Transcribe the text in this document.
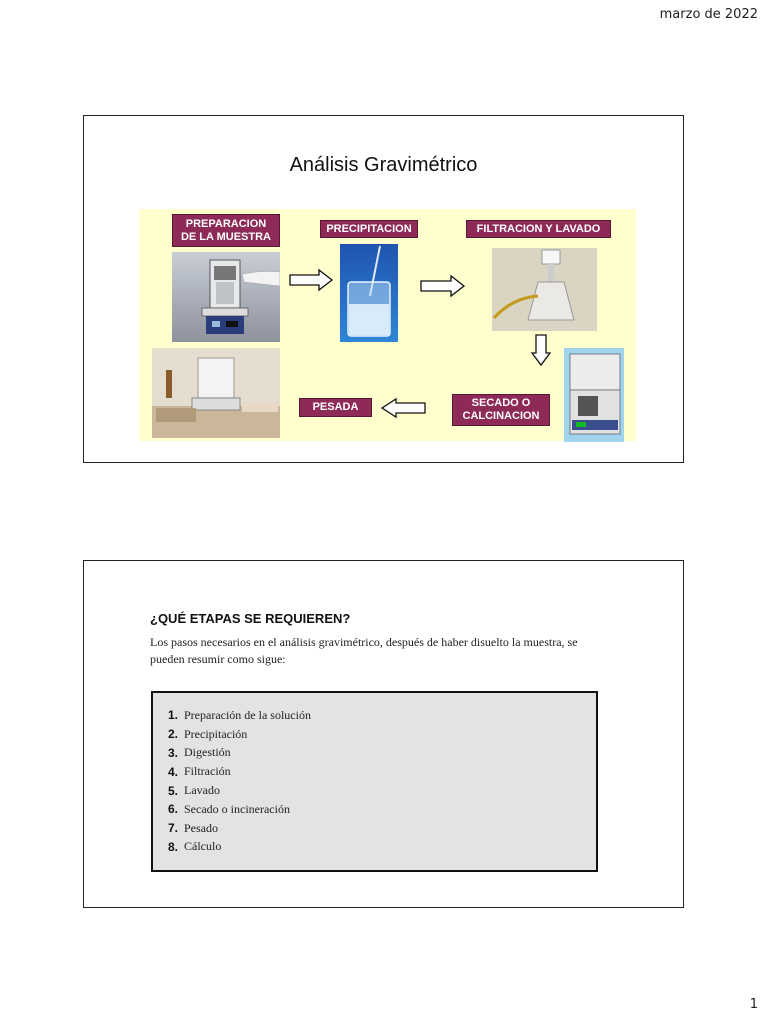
marzo de 2022
Análisis Gravimétrico
PREPARACION
DE LA MUESTRA
PRECIPITACION	FILTRACION Y LAVADO
SECADO O
CALCINACION
PESADA
¿QUÉ ETAPAS SE REQUIEREN?
Los pasos necesarios en el análisis gravimétrico, después de haber disuelto la muestra, se pueden resumir como sigue:
1. Preparación de la solución
2. Precipitación
3. Digestión
4. Filtración
5. Lavado
6. Secado o incineración
7. Pesado
8. Cálculo
1
